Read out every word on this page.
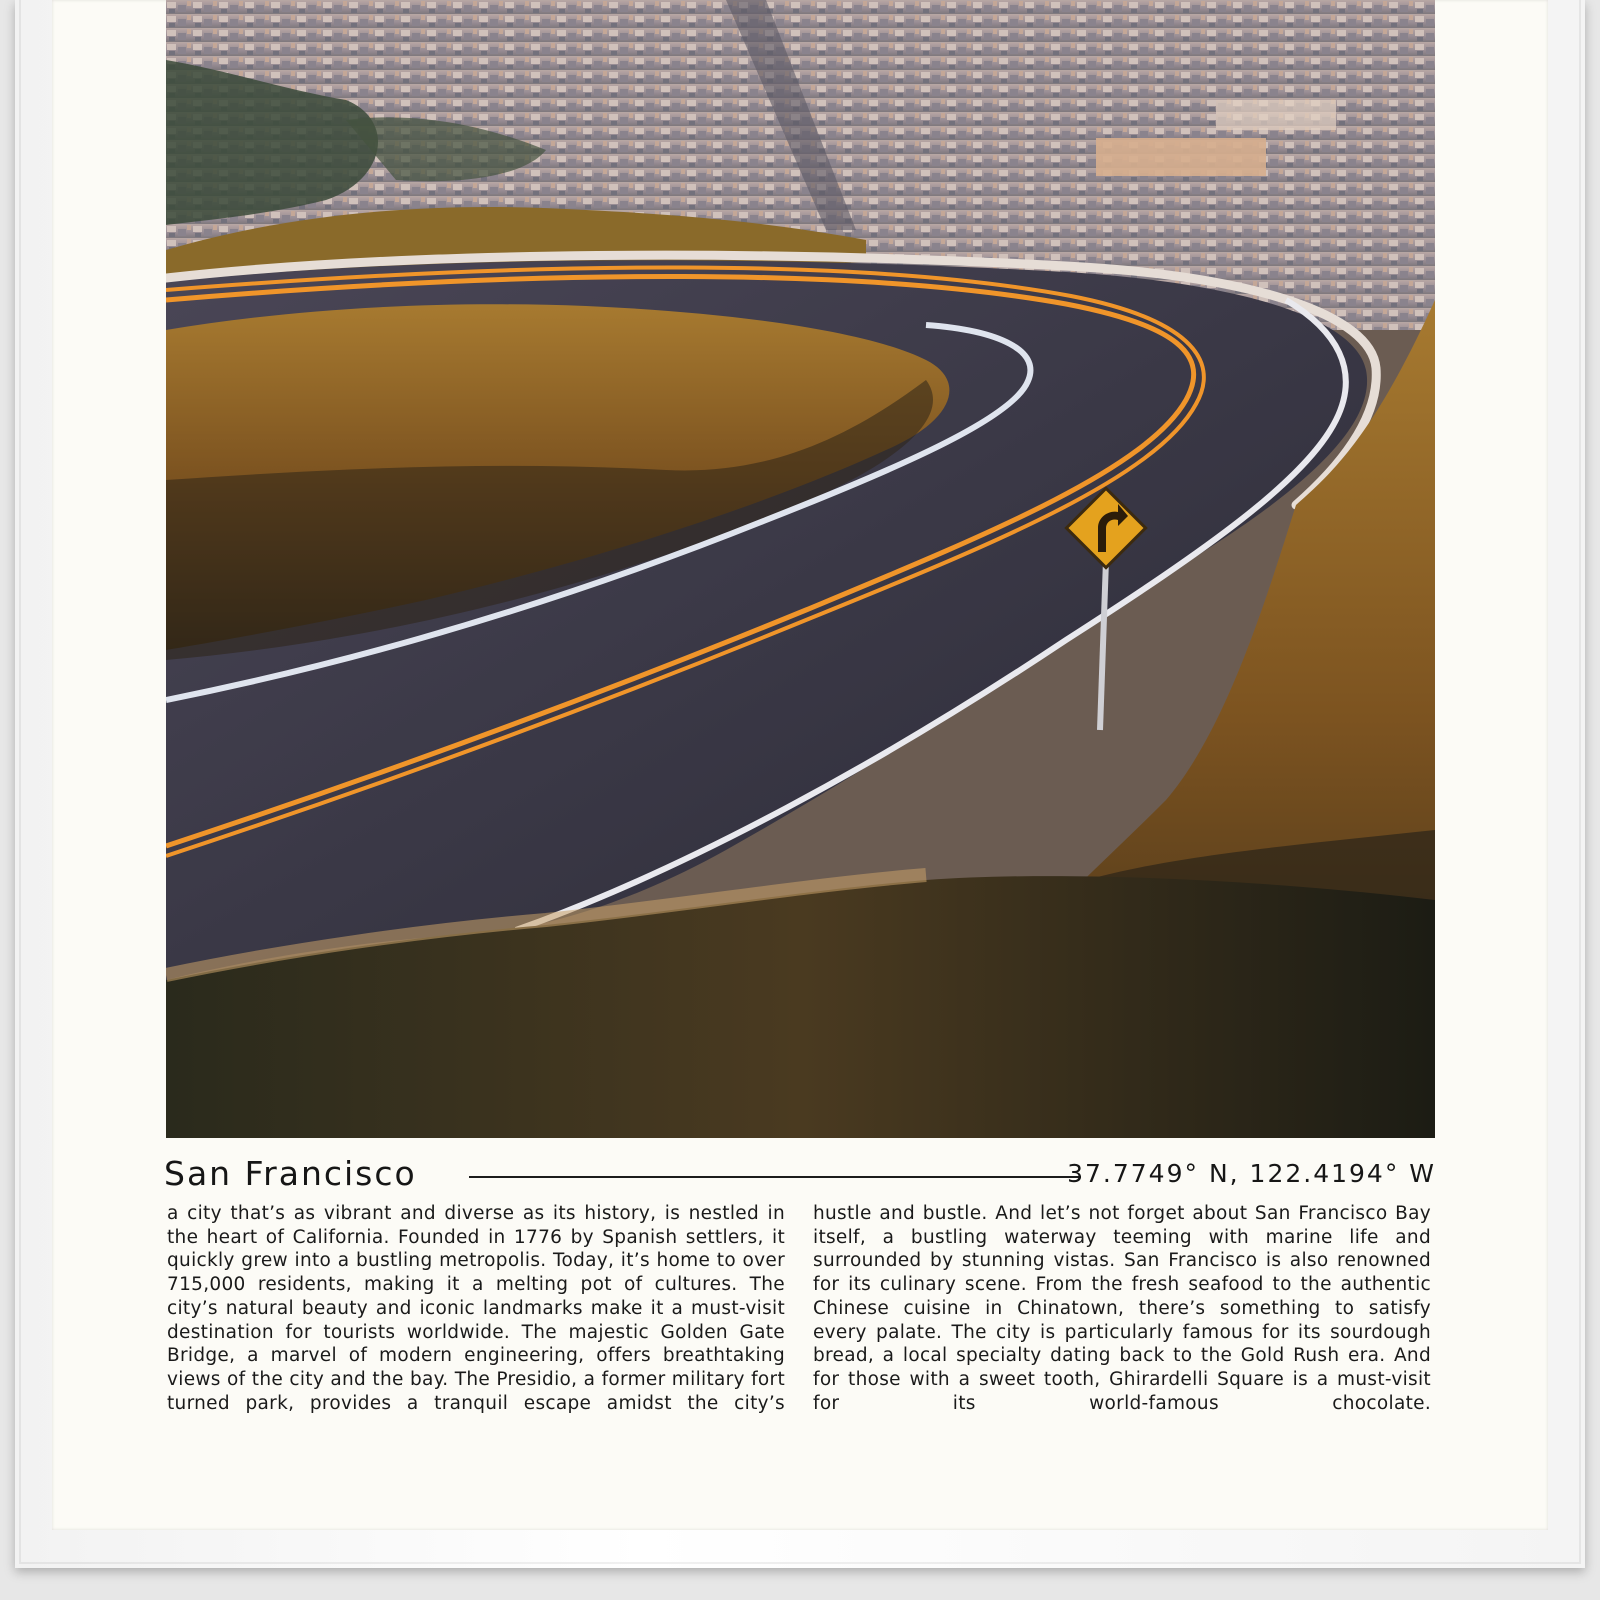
San Francisco	37.7749° N, 122.4194° W
a city that’s as vibrant and diverse as its history, is nestled in the heart of California. Founded in 1776 by Spanish settlers, it quickly grew into a bustling metropolis. Today, it’s home to over 715,000 residents, making it a melting pot of cultures. The city’s natural beauty and iconic landmarks make it a must-visit destination for tourists worldwide. The majestic Golden Gate Bridge, a marvel of modern engineering, offers breathtaking views of the city and the bay. The Presidio, a former military fort turned park, provides a tranquil escape amidst the city’s
hustle and bustle. And let’s not forget about San Francisco Bay itself, a bustling waterway teeming with marine life and surrounded by stunning vistas. San Francisco is also renowned for its culinary scene. From the fresh seafood to the authentic Chinese cuisine in Chinatown, there’s something to satisfy every palate. The city is particularly famous for its sourdough bread, a local specialty dating back to the Gold Rush era. And for those with a sweet tooth, Ghirardelli Square is a must-visit for its world-famous chocolate.
